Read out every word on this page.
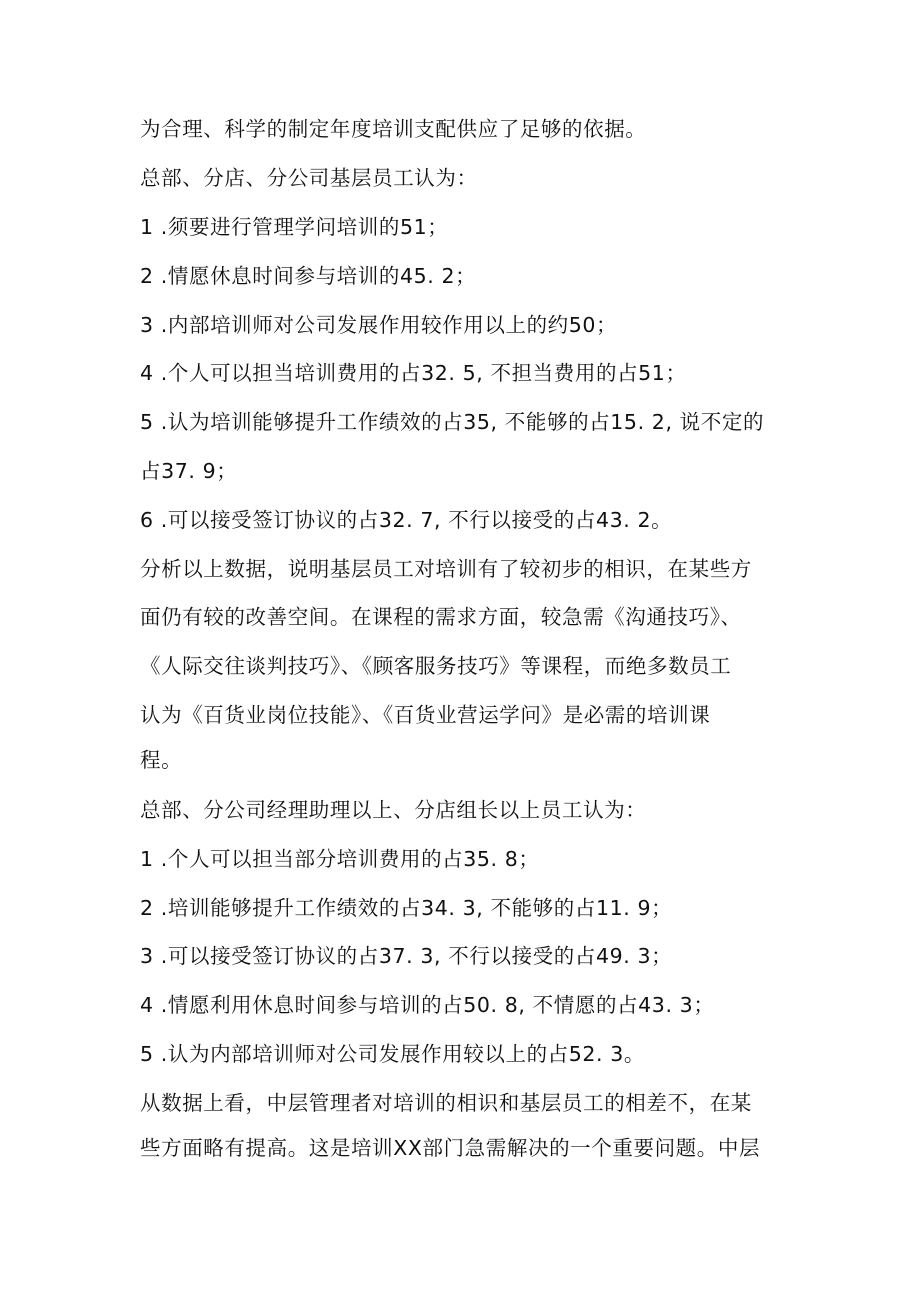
为合理、科学的制定年度培训支配供应了足够的依据。
总部、分店、分公司基层员工认为：
1 .须要进行管理学问培训的51；
2 .情愿休息时间参与培训的45. 2；
3 .内部培训师对公司发展作用较作用以上的约50；
4 .个人可以担当培训费用的占32. 5, 不担当费用的占51；
5 .认为培训能够提升工作绩效的占35, 不能够的占15. 2, 说不定的
占37. 9；
6 .可以接受签订协议的占32. 7, 不行以接受的占43. 2。
分析以上数据，说明基层员工对培训有了较初步的相识，在某些方
面仍有较的改善空间。在课程的需求方面，较急需《沟通技巧》、
《人际交往谈判技巧》、《顾客服务技巧》等课程，而绝多数员工
认为《百货业岗位技能》、《百货业营运学问》是必需的培训课
程。
总部、分公司经理助理以上、分店组长以上员工认为：
1 .个人可以担当部分培训费用的占35. 8；
2 .培训能够提升工作绩效的占34. 3, 不能够的占11. 9；
3 .可以接受签订协议的占37. 3, 不行以接受的占49. 3；
4 .情愿利用休息时间参与培训的占50. 8, 不情愿的占43. 3；
5 .认为内部培训师对公司发展作用较以上的占52. 3。
从数据上看，中层管理者对培训的相识和基层员工的相差不，在某
些方面略有提高。这是培训XX部门急需解决的一个重要问题。中层
